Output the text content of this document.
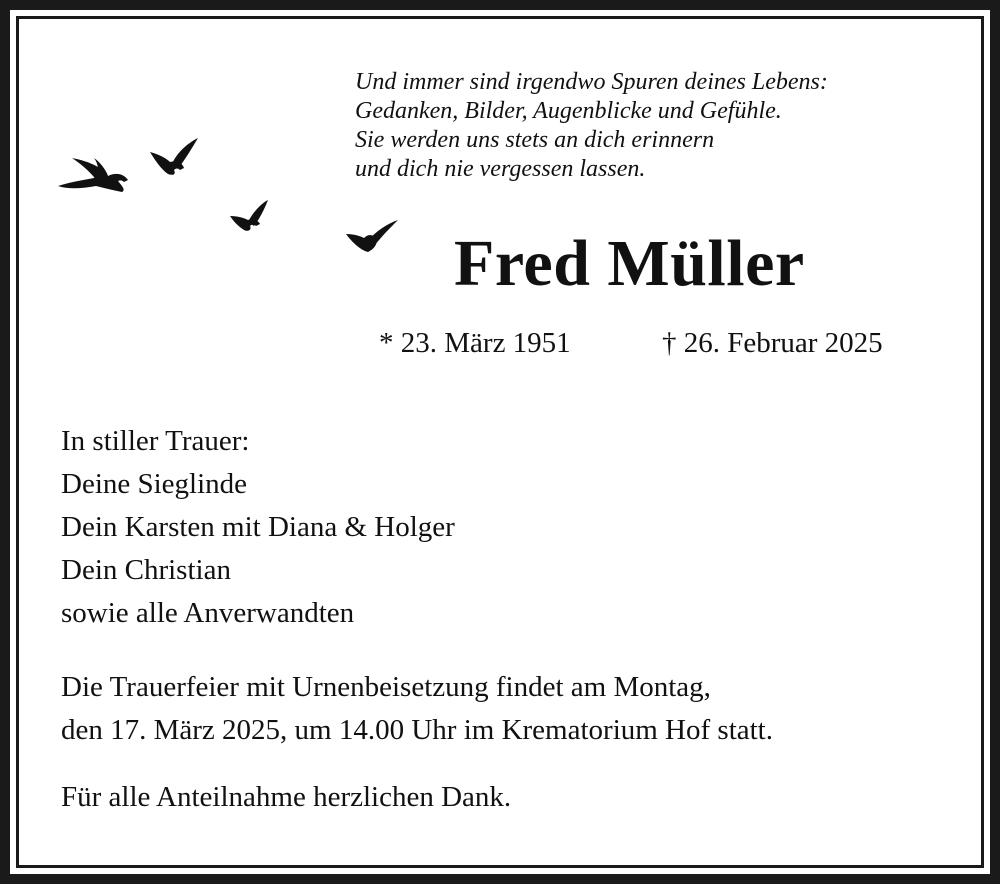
Und immer sind irgendwo Spuren deines Lebens:
Gedanken, Bilder, Augenblicke und Gefühle.
Sie werden uns stets an dich erinnern
und dich nie vergessen lassen.
Fred Müller
* 23. März 1951	† 26. Februar 2025
In stiller Trauer:
Deine Sieglinde
Dein Karsten mit Diana & Holger
Dein Christian
sowie alle Anverwandten
Die Trauerfeier mit Urnenbeisetzung findet am Montag,
den 17. März 2025, um 14.00 Uhr im Krematorium Hof statt.
Für alle Anteilnahme herzlichen Dank.
